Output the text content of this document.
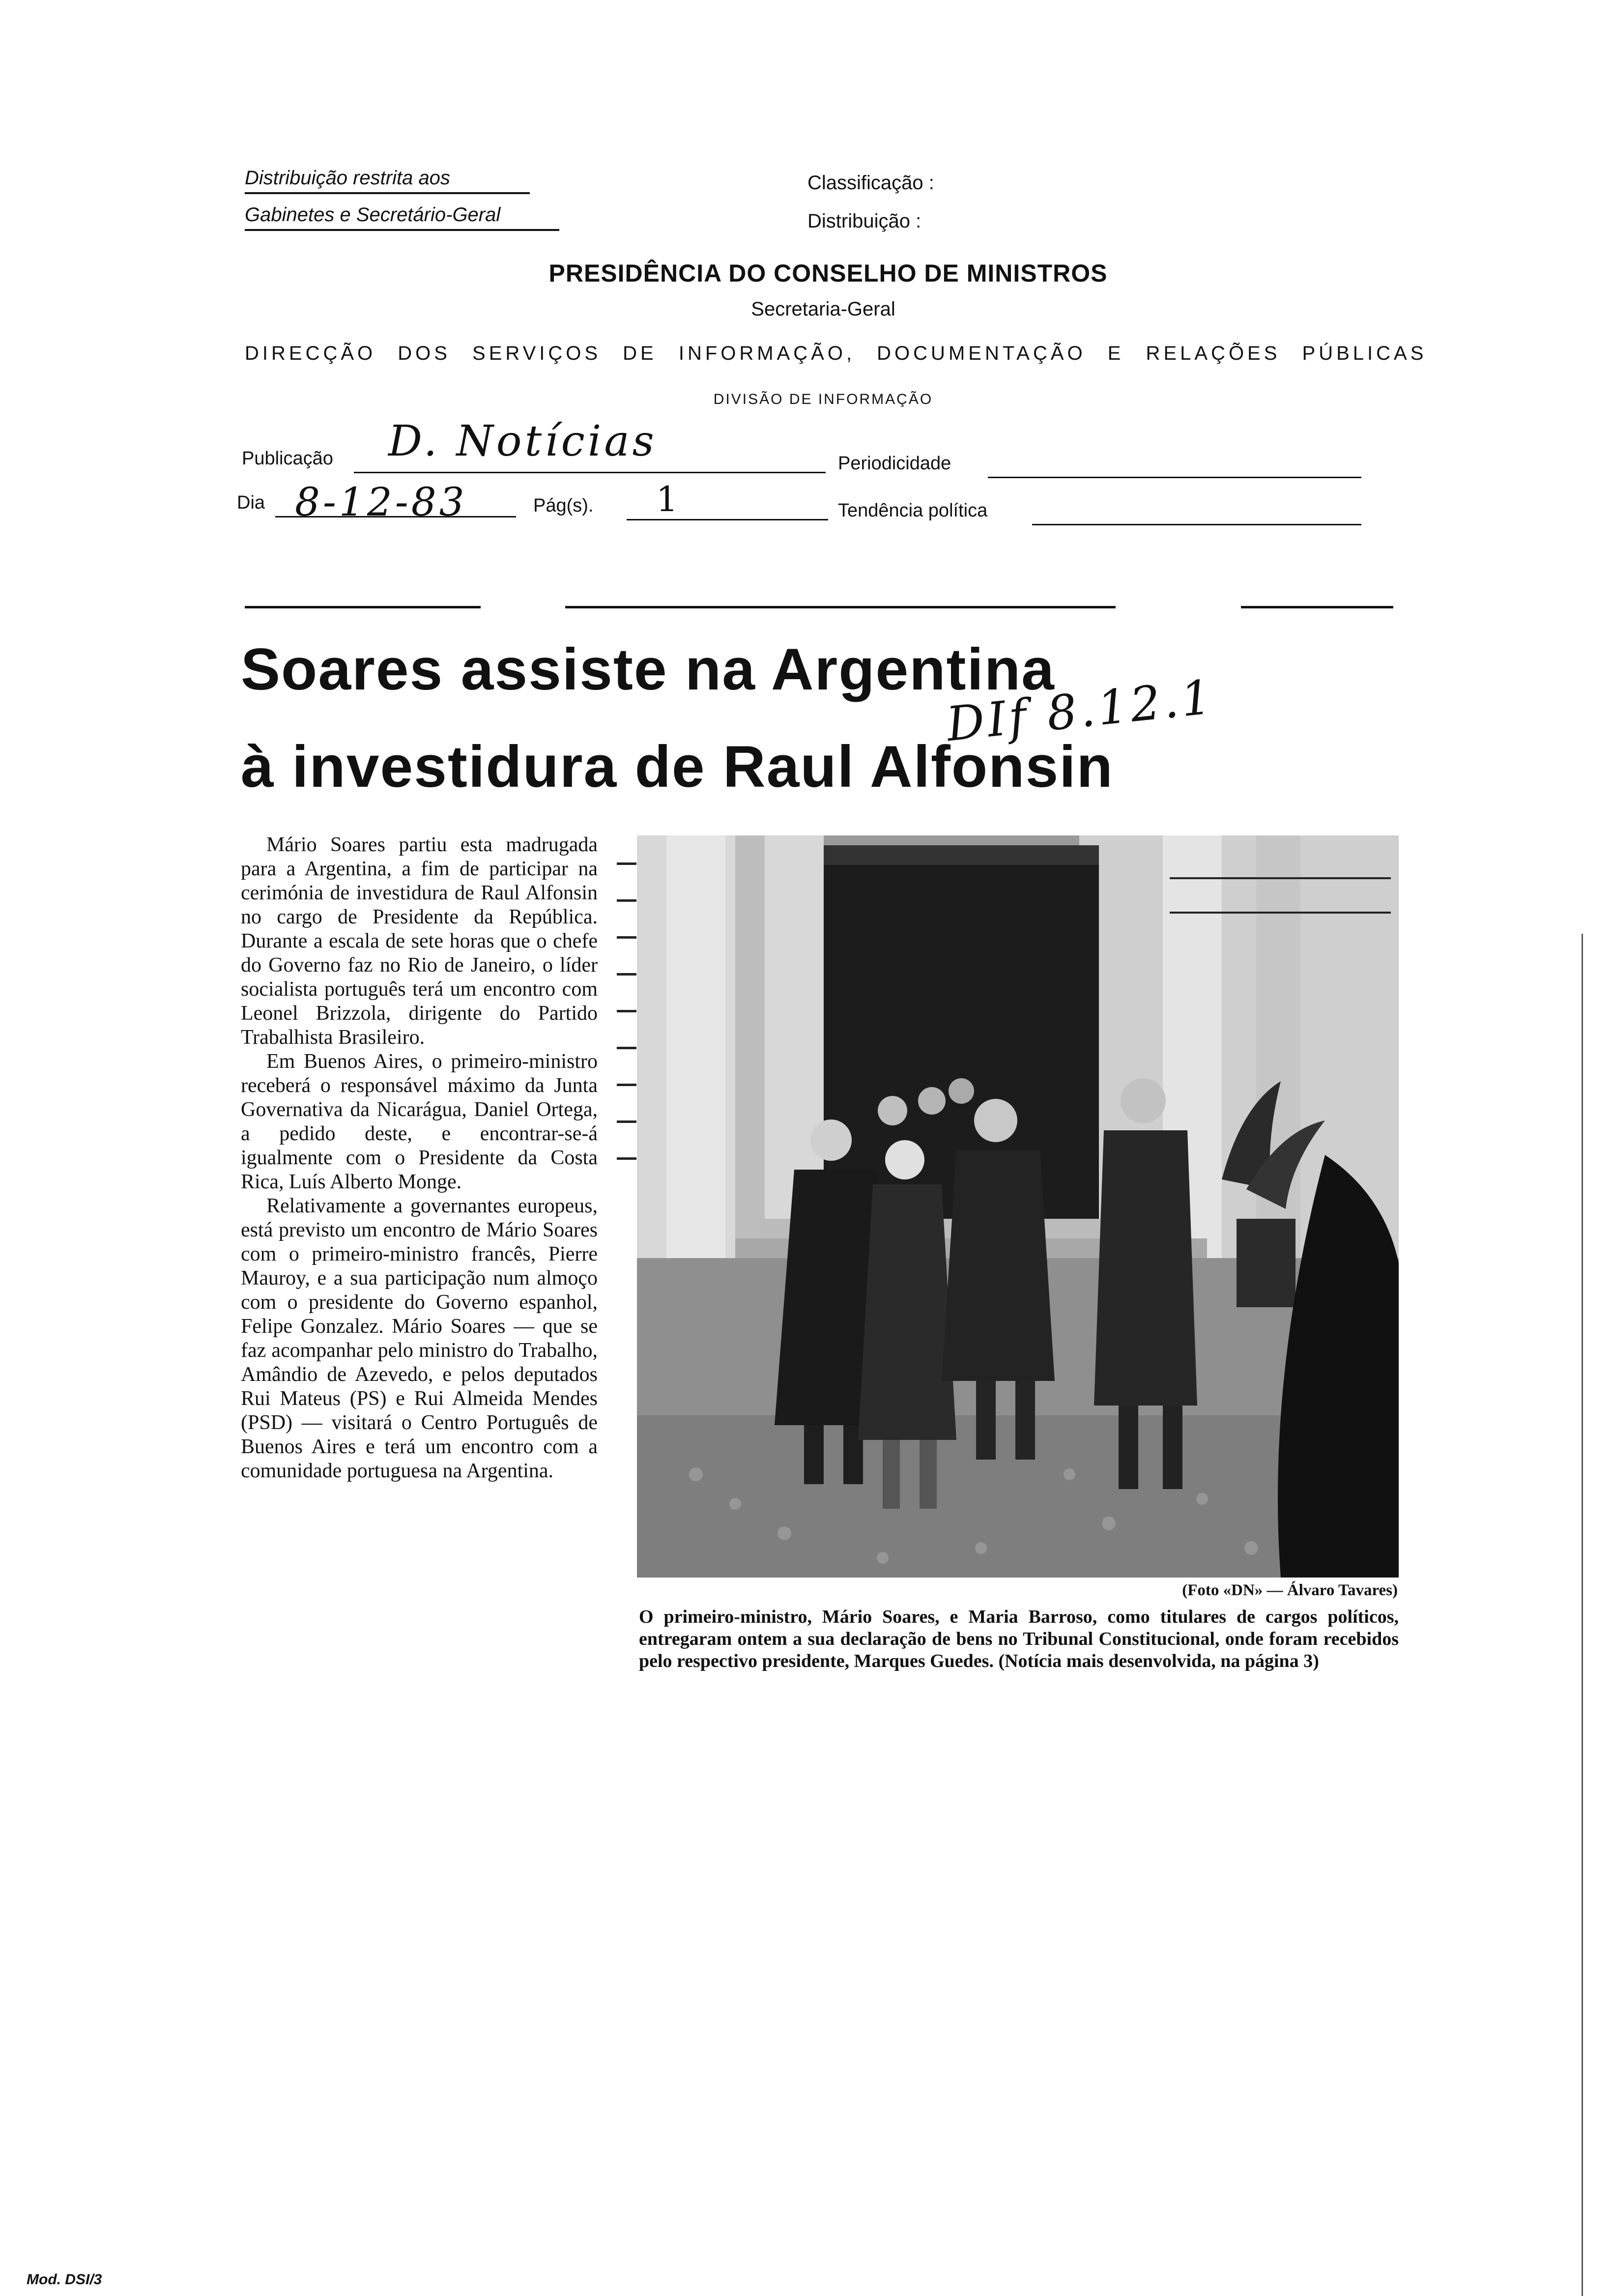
Distribuição restrita aos
Gabinetes e Secretário-Geral
Classificação :
Distribuição :
PRESIDÊNCIA DO CONSELHO DE MINISTROS
Secretaria-Geral
DIRECÇÃO DOS SERVIÇOS DE INFORMAÇÃO, DOCUMENTAÇÃO E RELAÇÕES PÚBLICAS
DIVISÃO DE INFORMAÇÃO
Publicação D. Notícias	Periodicidade
Dia 8-12-83	Pág(s). 1	Tendência política
Soares assiste na Argentina
à investidura de Raul Alfonsin
DIf 8.12.1

Mário Soares partiu esta madrugada para a Argentina, a fim de participar na cerimónia de investidura de Raul Alfonsin no cargo de Presidente da República. Durante a escala de sete horas que o chefe do Governo faz no Rio de Janeiro, o líder socialista português terá um encontro com Leonel Brizzola, dirigente do Partido Trabalhista Brasileiro.

Em Buenos Aires, o primeiro-ministro receberá o responsável máximo da Junta Governativa da Nicarágua, Daniel Ortega, a pedido deste, e encontrar-se-á igualmente com o Presidente da Costa Rica, Luís Alberto Monge.

Relativamente a governantes europeus, está previsto um encontro de Mário Soares com o primeiro-ministro francês, Pierre Mauroy, e a sua participação num almoço com o presidente do Governo espanhol, Felipe Gonzalez. Mário Soares — que se faz acompanhar pelo ministro do Trabalho, Amândio de Azevedo, e pelos deputados Rui Mateus (PS) e Rui Almeida Mendes (PSD) — visitará o Centro Português de Buenos Aires e terá um encontro com a comunidade portuguesa na Argentina.

(Foto «DN» — Álvaro Tavares)
O primeiro-ministro, Mário Soares, e Maria Barroso, como titulares de cargos políticos, entregaram ontem a sua declaração de bens no Tribunal Constitucional, onde foram recebidos pelo respectivo presidente, Marques Guedes. (Notícia mais desenvolvida, na página 3)
Mod. DSI/3
